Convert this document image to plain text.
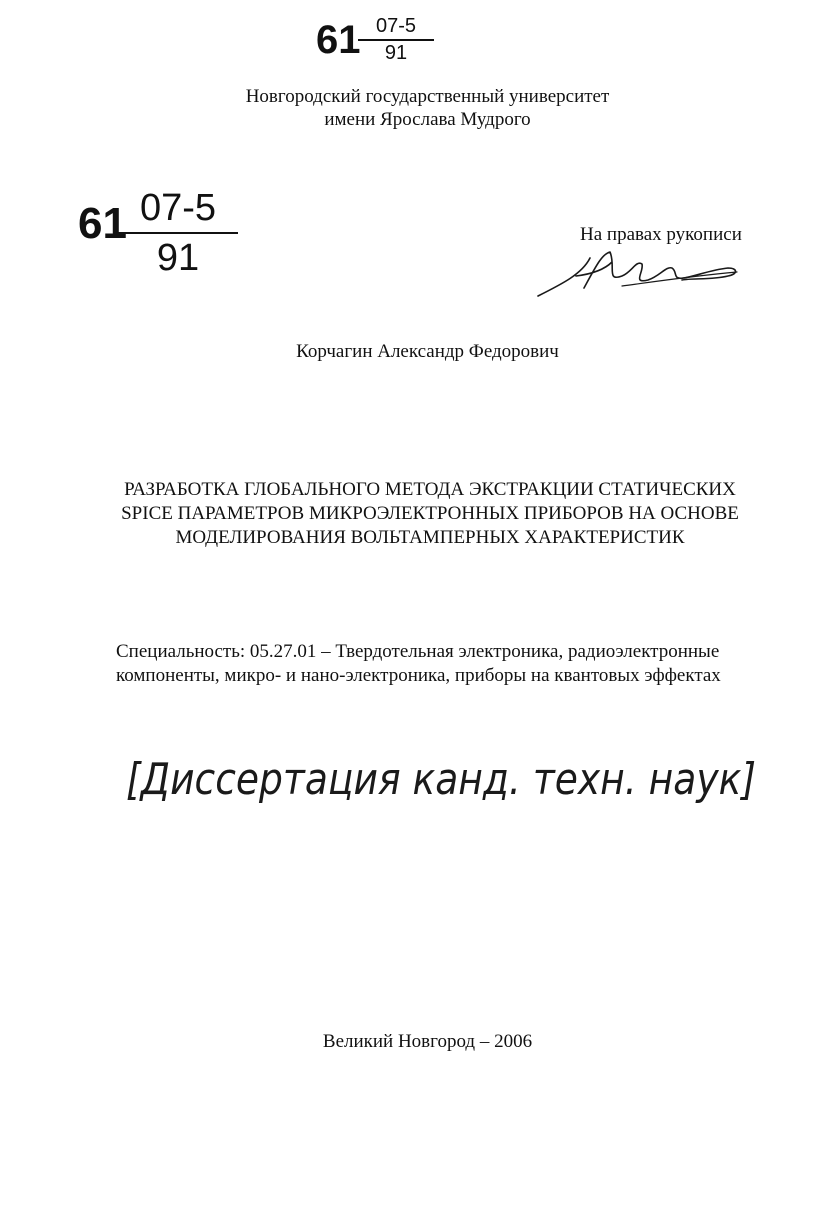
61
$\frac{07-5}{91}$
Новгородский государственный университет
имени Ярослава Мудрого
61
$\frac{07-5}{91}$	На правах рукописи
Корчагин Александр Федорович
РАЗРАБОТКА ГЛОБАЛЬНОГО МЕТОДА ЭКСТРАКЦИИ СТАТИЧЕСКИХ
SPICE ПАРАМЕТРОВ МИКРОЭЛЕКТРОННЫХ ПРИБОРОВ НА ОСНОВЕ
МОДЕЛИРОВАНИЯ ВОЛЬТАМПЕРНЫХ ХАРАКТЕРИСТИК
Специальность: 05.27.01 – Твердотельная электроника, радиоэлектронные
компоненты, микро- и нано-электроника, приборы на квантовых эффектах
[Диссертация канд. техн. наук]
Великий Новгород – 2006
